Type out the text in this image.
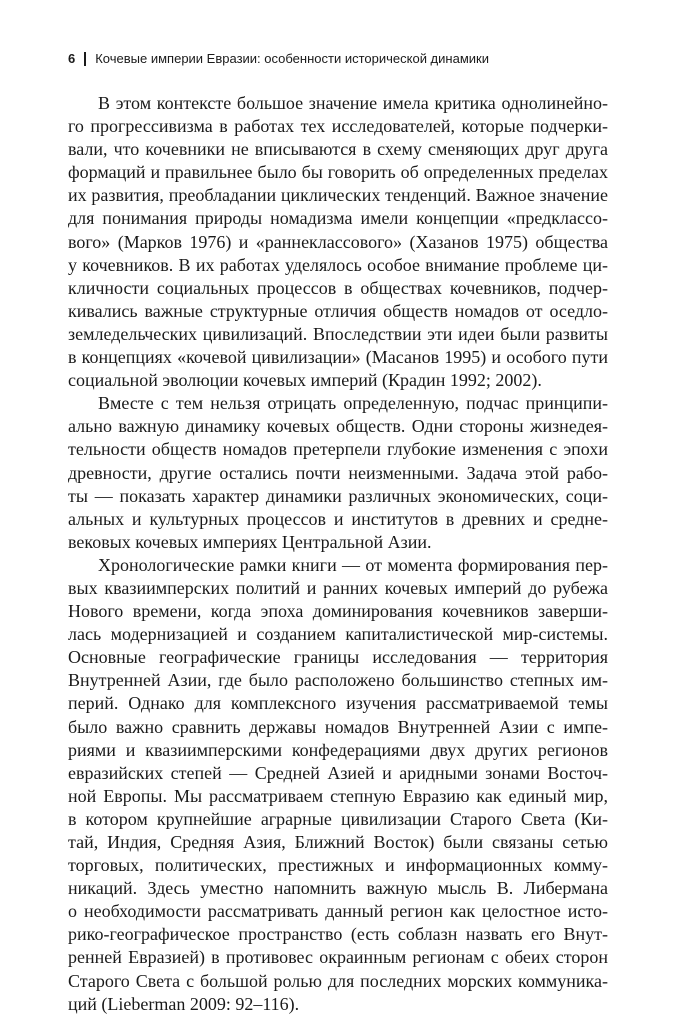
6 Кочевые империи Евразии: особенности исторической динамики
В этом контексте большое значение имела критика однолинейно-
го прогрессивизма в работах тех исследователей, которые подчерки-
вали, что кочевники не вписываются в схему сменяющих друг друга
формаций и правильнее было бы говорить об определенных пределах
их развития, преобладании циклических тенденций. Важное значение
для понимания природы номадизма имели концепции «предклассо-
вого» (Марков 1976) и «раннеклассового» (Хазанов 1975) общества
у кочевников. В их работах уделялось особое внимание проблеме ци-
кличности социальных процессов в обществах кочевников, подчер-
кивались важные структурные отличия обществ номадов от оседло-
земледельческих цивилизаций. Впоследствии эти идеи были развиты
в концепциях «кочевой цивилизации» (Масанов 1995) и особого пути
социальной эволюции кочевых империй (Крадин 1992; 2002).
Вместе с тем нельзя отрицать определенную, подчас принципи-
ально важную динамику кочевых обществ. Одни стороны жизнедея-
тельности обществ номадов претерпели глубокие изменения с эпохи
древности, другие остались почти неизменными. Задача этой рабо-
ты — показать характер динамики различных экономических, соци-
альных и культурных процессов и институтов в древних и средне-
вековых кочевых империях Центральной Азии.
Хронологические рамки книги — от момента формирования пер-
вых квазиимперских политий и ранних кочевых империй до рубежа
Нового времени, когда эпоха доминирования кочевников заверши-
лась модернизацией и созданием капиталистической мир-системы.
Основные географические границы исследования — территория
Внутренней Азии, где было расположено большинство степных им-
перий. Однако для комплексного изучения рассматриваемой темы
было важно сравнить державы номадов Внутренней Азии с импе-
риями и квазиимперскими конфедерациями двух других регионов
евразийских степей — Средней Азией и аридными зонами Восточ-
ной Европы. Мы рассматриваем степную Евразию как единый мир,
в котором крупнейшие аграрные цивилизации Старого Света (Ки-
тай, Индия, Средняя Азия, Ближний Восток) были связаны сетью
торговых, политических, престижных и информационных комму-
никаций. Здесь уместно напомнить важную мысль В. Либермана
о необходимости рассматривать данный регион как целостное исто-
рико-географическое пространство (есть соблазн назвать его Внут-
ренней Евразией) в противовес окраинным регионам с обеих сторон
Старого Света с большой ролью для последних морских коммуника-
ций (Lieberman 2009: 92–116).
